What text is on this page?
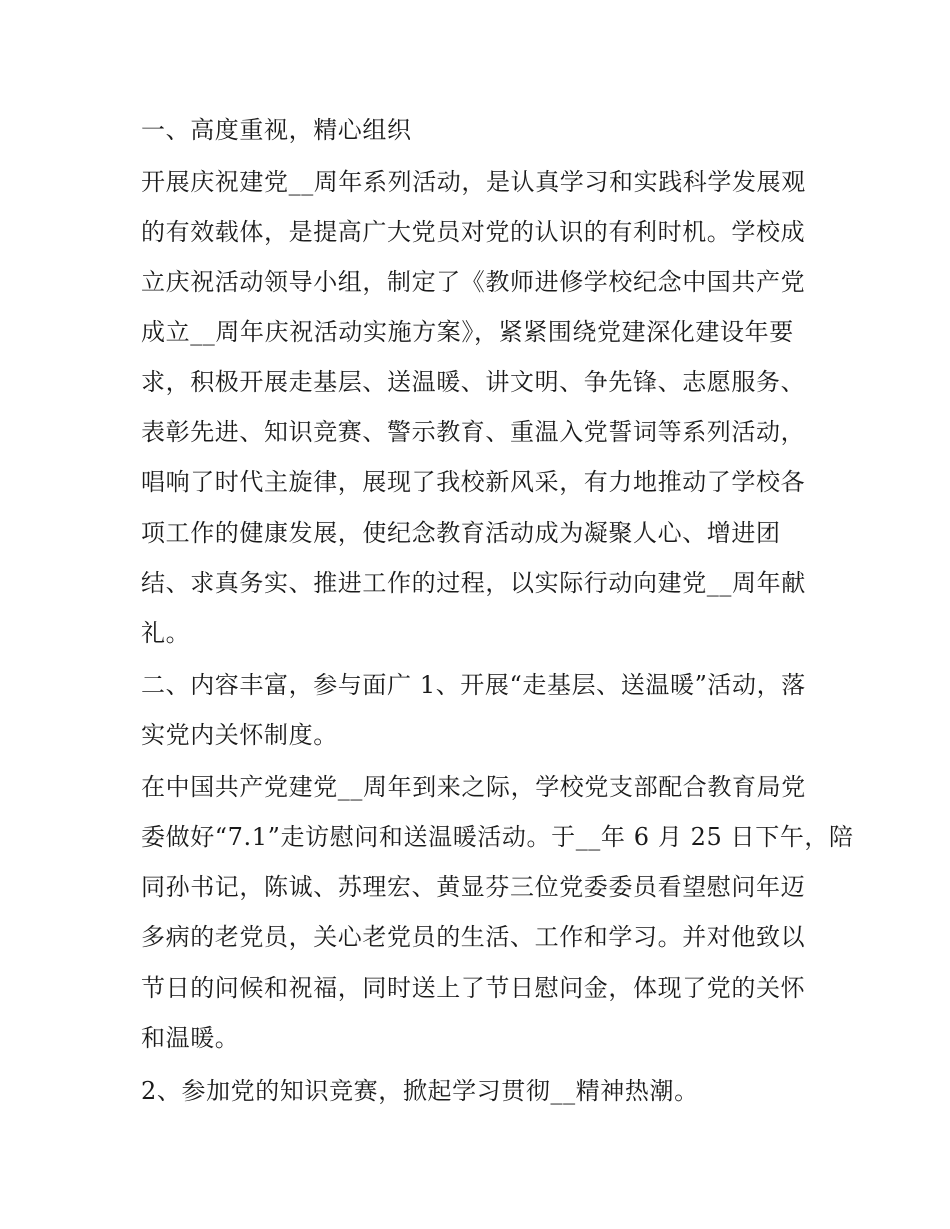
一、高度重视，精心组织
开展庆祝建党__周年系列活动，是认真学习和实践科学发展观
的有效载体，是提高广大党员对党的认识的有利时机。学校成
立庆祝活动领导小组，制定了《教师进修学校纪念中国共产党
成立__周年庆祝活动实施方案》，紧紧围绕党建深化建设年要
求，积极开展走基层、送温暖、讲文明、争先锋、志愿服务、
表彰先进、知识竞赛、警示教育、重温入党誓词等系列活动，
唱响了时代主旋律，展现了我校新风采，有力地推动了学校各
项工作的健康发展，使纪念教育活动成为凝聚人心、增进团
结、求真务实、推进工作的过程，以实际行动向建党__周年献
礼。
二、内容丰富，参与面广 1、开展“走基层、送温暖”活动，落
实党内关怀制度。
在中国共产党建党__周年到来之际，学校党支部配合教育局党
委做好“7.1”走访慰问和送温暖活动。于__年 6 月 25 日下午，陪
同孙书记，陈诚、苏理宏、黄显芬三位党委委员看望慰问年迈
多病的老党员，关心老党员的生活、工作和学习。并对他致以
节日的问候和祝福，同时送上了节日慰问金，体现了党的关怀
和温暖。
2、参加党的知识竞赛，掀起学习贯彻__精神热潮。
